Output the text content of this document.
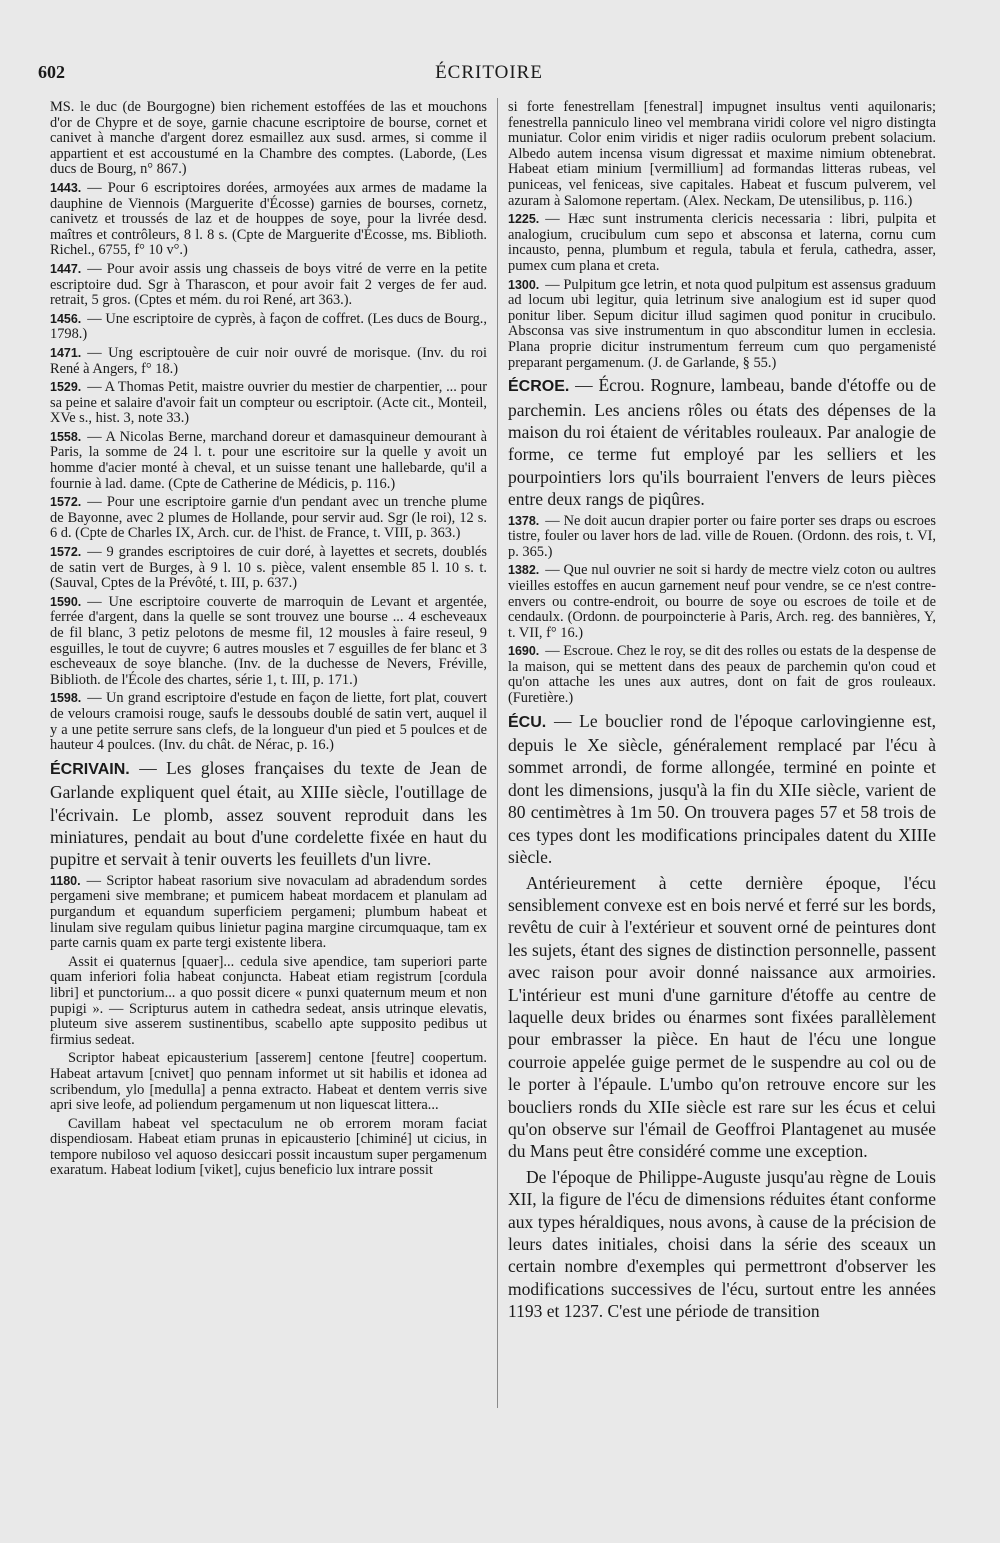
602	ÉCRITOIRE

MS. le duc (de Bourgogne) bien richement estoffées de las et mouchons d'or de Chypre et de soye, garnie chacune escriptoire de bourse, cornet et canivet à manche d'argent dorez esmaillez aux susd. armes, si comme il appartient et est accoustumé en la Chambre des comptes. (Laborde, (Les ducs de Bourg, n° 867.)

1443. — Pour 6 escriptoires dorées, armoyées aux armes de madame la dauphine de Viennois (Marguerite d'Écosse) garnies de bourses, cornetz, canivetz et troussés de laz et de houppes de soye, pour la livrée desd. maîtres et contrôleurs, 8 l. 8 s. (Cpte de Marguerite d'Écosse, ms. Biblioth. Richel., 6755, f° 10 v°.)

1447. — Pour avoir assis ung chasseis de boys vitré de verre en la petite escriptoire dud. Sgr à Tharascon, et pour avoir fait 2 verges de fer aud. retrait, 5 gros. (Cptes et mém. du roi René, art 363.).

1456. — Une escriptoire de cyprès, à façon de coffret. (Les ducs de Bourg., 1798.)

1471. — Ung escriptouère de cuir noir ouvré de morisque. (Inv. du roi René à Angers, f° 18.)

1529. — A Thomas Petit, maistre ouvrier du mestier de charpentier, ... pour sa peine et salaire d'avoir fait un compteur ou escriptoir. (Acte cit., Monteil, XVe s., hist. 3, note 33.)

1558. — A Nicolas Berne, marchand doreur et damasquineur demourant à Paris, la somme de 24 l. t. pour une escritoire sur la quelle y avoit un homme d'acier monté à cheval, et un suisse tenant une hallebarde, qu'il a fournie à lad. dame. (Cpte de Catherine de Médicis, p. 116.)

1572. — Pour une escriptoire garnie d'un pendant avec un trenche plume de Bayonne, avec 2 plumes de Hollande, pour servir aud. Sgr (le roi), 12 s. 6 d. (Cpte de Charles IX, Arch. cur. de l'hist. de France, t. VIII, p. 363.)

1572. — 9 grandes escriptoires de cuir doré, à layettes et secrets, doublés de satin vert de Burges, à 9 l. 10 s. pièce, valent ensemble 85 l. 10 s. t. (Sauval, Cptes de la Prévôté, t. III, p. 637.)

1590. — Une escriptoire couverte de marroquin de Levant et argentée, ferrée d'argent, dans la quelle se sont trouvez une bourse ... 4 escheveaux de fil blanc, 3 petiz pelotons de mesme fil, 12 mousles à faire reseul, 9 esguilles, le tout de cuyvre; 6 autres mousles et 7 esguilles de fer blanc et 3 escheveaux de soye blanche. (Inv. de la duchesse de Nevers, Fréville, Biblioth. de l'École des chartes, série 1, t. III, p. 171.)

1598. — Un grand escriptoire d'estude en façon de liette, fort plat, couvert de velours cramoisi rouge, saufs le dessoubs doublé de satin vert, auquel il y a une petite serrure sans clefs, de la longueur d'un pied et 5 poulces et de hauteur 4 poulces. (Inv. du chât. de Nérac, p. 16.)

ÉCRIVAIN. — Les gloses françaises du texte de Jean de Garlande expliquent quel était, au XIIIe siècle, l'outillage de l'écrivain. Le plomb, assez souvent reproduit dans les miniatures, pendait au bout d'une cordelette fixée en haut du pupitre et servait à tenir ouverts les feuillets d'un livre.

1180. — Scriptor habeat rasorium sive novaculam ad abradendum sordes pergameni sive membrane; et pumicem habeat mordacem et planulam ad purgandum et equandum superficiem pergameni; plumbum habeat et linulam sive regulam quibus linietur pagina margine circumquaque, tam ex parte carnis quam ex parte tergi existente libera.

Assit ei quaternus [quaer]... cedula sive apendice, tam superiori parte quam inferiori folia habeat conjuncta. Habeat etiam registrum [cordula libri] et punctorium... a quo possit dicere « punxi quaternum meum et non pupigi ». — Scripturus autem in cathedra sedeat, ansis utrinque elevatis, pluteum sive asserem sustinentibus, scabello apte supposito pedibus ut firmius sedeat.

Scriptor habeat epicausterium [asserem] centone [feutre] coopertum. Habeat artavum [cnivet] quo pennam informet ut sit habilis et idonea ad scribendum, ylo [medulla] a penna extracto. Habeat et dentem verris sive apri sive leofe, ad poliendum pergamenum ut non liquescat littera...

Cavillam habeat vel spectaculum ne ob errorem moram faciat dispendiosam. Habeat etiam prunas in epicausterio [chiminé] ut cicius, in tempore nubiloso vel aquoso desiccari possit incaustum super pergamenum exaratum. Habeat lodium [viket], cujus beneficio lux intrare possit

si forte fenestrellam [fenestral] impugnet insultus venti aquilonaris; fenestrella panniculo lineo vel membrana viridi colore vel nigro distingta muniatur. Color enim viridis et niger radiis oculorum prebent solacium. Albedo autem incensa visum digressat et maxime nimium obtenebrat. Habeat etiam minium [vermillium] ad formandas litteras rubeas, vel puniceas, vel feniceas, sive capitales. Habeat et fuscum pulverem, vel azuram à Salomone repertam. (Alex. Neckam, De utensilibus, p. 116.)

1225. — Hæc sunt instrumenta clericis necessaria : libri, pulpita et analogium, crucibulum cum sepo et absconsa et laterna, cornu cum incausto, penna, plumbum et regula, tabula et ferula, cathedra, asser, pumex cum plana et creta.

1300. — Pulpitum gce letrin, et nota quod pulpitum est assensus graduum ad locum ubi legitur, quia letrinum sive analogium est id super quod ponitur liber. Sepum dicitur illud sagimen quod ponitur in crucibulo. Absconsa vas sive instrumentum in quo absconditur lumen in ecclesia. Plana proprie dicitur instrumentum ferreum cum quo pergamenisté preparant pergamenum. (J. de Garlande, § 55.)

ÉCROE. — Écrou. Rognure, lambeau, bande d'étoffe ou de parchemin. Les anciens rôles ou états des dépenses de la maison du roi étaient de véritables rouleaux. Par analogie de forme, ce terme fut employé par les selliers et les pourpointiers lors qu'ils bourraient l'envers de leurs pièces entre deux rangs de piqûres.

1378. — Ne doit aucun drapier porter ou faire porter ses draps ou escroes tistre, fouler ou laver hors de lad. ville de Rouen. (Ordonn. des rois, t. VI, p. 365.)

1382. — Que nul ouvrier ne soit si hardy de mectre vielz coton ou aultres vieilles estoffes en aucun garnement neuf pour vendre, se ce n'est contre-envers ou contre-endroit, ou bourre de soye ou escroes de toile et de cendaulx. (Ordonn. de pourpoincterie à Paris, Arch. reg. des bannières, Y, t. VII, f° 16.)

1690. — Escroue. Chez le roy, se dit des rolles ou estats de la despense de la maison, qui se mettent dans des peaux de parchemin qu'on coud et qu'on attache les unes aux autres, dont on fait de gros rouleaux. (Furetière.)

ÉCU. — Le bouclier rond de l'époque carlovingienne est, depuis le Xe siècle, généralement remplacé par l'écu à sommet arrondi, de forme allongée, terminé en pointe et dont les dimensions, jusqu'à la fin du XIIe siècle, varient de 80 centimètres à 1m 50. On trouvera pages 57 et 58 trois de ces types dont les modifications principales datent du XIIIe siècle.

Antérieurement à cette dernière époque, l'écu sensiblement convexe est en bois nervé et ferré sur les bords, revêtu de cuir à l'extérieur et souvent orné de peintures dont les sujets, étant des signes de distinction personnelle, passent avec raison pour avoir donné naissance aux armoiries. L'intérieur est muni d'une garniture d'étoffe au centre de laquelle deux brides ou énarmes sont fixées parallèlement pour embrasser la pièce. En haut de l'écu une longue courroie appelée guige permet de le suspendre au col ou de le porter à l'épaule. L'umbo qu'on retrouve encore sur les boucliers ronds du XIIe siècle est rare sur les écus et celui qu'on observe sur l'émail de Geoffroi Plantagenet au musée du Mans peut être considéré comme une exception.

De l'époque de Philippe-Auguste jusqu'au règne de Louis XII, la figure de l'écu de dimensions réduites étant conforme aux types héraldiques, nous avons, à cause de la précision de leurs dates initiales, choisi dans la série des sceaux un certain nombre d'exemples qui permettront d'observer les modifications successives de l'écu, surtout entre les années 1193 et 1237. C'est une période de transition
